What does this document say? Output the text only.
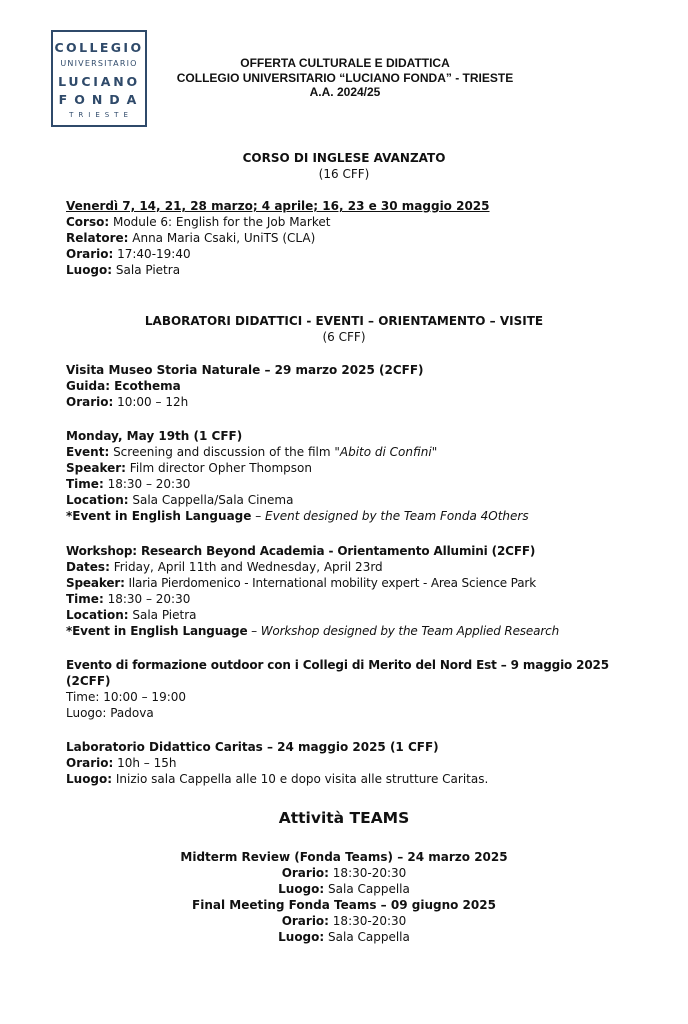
COLLEGIO
UNIVERSITARIO
LUCIANO
FONDA
TRIESTE
OFFERTA CULTURALE E DIDATTICA
COLLEGIO UNIVERSITARIO “LUCIANO FONDA” - TRIESTE
A.A. 2024/25
CORSO DI INGLESE AVANZATO
(16 CFF)
Venerdì 7, 14, 21, 28 marzo; 4 aprile; 16, 23 e 30 maggio 2025
Corso: Module 6: English for the Job Market
Relatore: Anna Maria Csaki, UniTS (CLA)
Orario: 17:40-19:40
Luogo: Sala Pietra
LABORATORI DIDATTICI - EVENTI – ORIENTAMENTO – VISITE
(6 CFF)
Visita Museo Storia Naturale – 29 marzo 2025 (2CFF)
Guida: Ecothema
Orario: 10:00 – 12h
Monday, May 19th (1 CFF)
Event: Screening and discussion of the film "Abito di Confini"
Speaker: Film director Opher Thompson
Time: 18:30 – 20:30
Location: Sala Cappella/Sala Cinema
*Event in English Language – Event designed by the Team Fonda 4Others
Workshop: Research Beyond Academia - Orientamento Allumini (2CFF)
Dates: Friday, April 11th and Wednesday, April 23rd
Speaker: Ilaria Pierdomenico - International mobility expert - Area Science Park
Time: 18:30 – 20:30
Location: Sala Pietra
*Event in English Language – Workshop designed by the Team Applied Research
Evento di formazione outdoor con i Collegi di Merito del Nord Est – 9 maggio 2025
(2CFF)
Time: 10:00 – 19:00
Luogo: Padova
Laboratorio Didattico Caritas – 24 maggio 2025 (1 CFF)
Orario: 10h – 15h
Luogo: Inizio sala Cappella alle 10 e dopo visita alle strutture Caritas.
Attività TEAMS
Midterm Review (Fonda Teams) – 24 marzo 2025
Orario: 18:30-20:30
Luogo: Sala Cappella
Final Meeting Fonda Teams – 09 giugno 2025
Orario: 18:30-20:30
Luogo: Sala Cappella
